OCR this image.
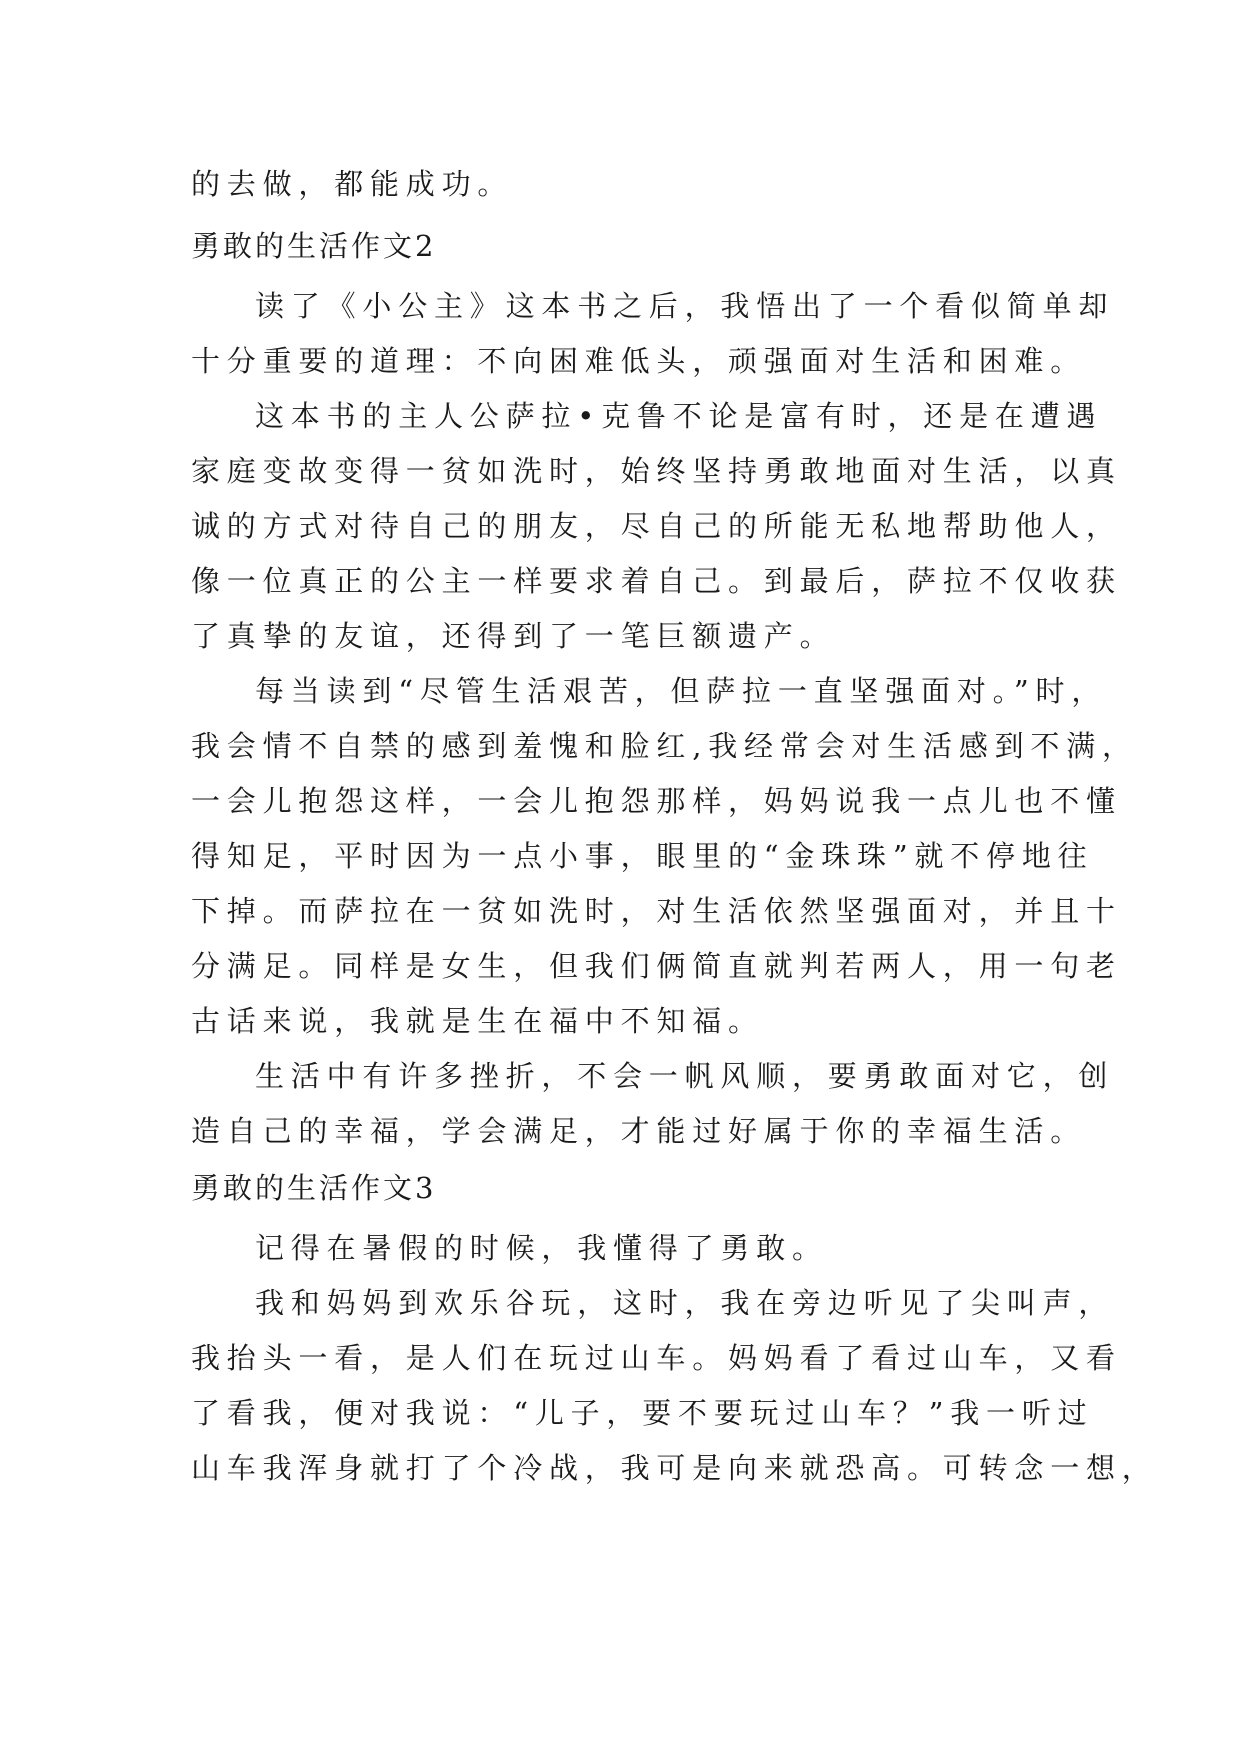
的去做，都能成功。

勇敢的生活作文2

读了《小公主》这本书之后，我悟出了一个看似简单却

十分重要的道理：不向困难低头，顽强面对生活和困难。

这本书的主人公萨拉•克鲁不论是富有时，还是在遭遇

家庭变故变得一贫如洗时，始终坚持勇敢地面对生活，以真

诚的方式对待自己的朋友，尽自己的所能无私地帮助他人，

像一位真正的公主一样要求着自己。到最后，萨拉不仅收获

了真挚的友谊，还得到了一笔巨额遗产。

每当读到“尽管生活艰苦，但萨拉一直坚强面对。”时，

我会情不自禁的感到羞愧和脸红,我经常会对生活感到不满，

一会儿抱怨这样，一会儿抱怨那样，妈妈说我一点儿也不懂

得知足，平时因为一点小事，眼里的“金珠珠”就不停地往

下掉。而萨拉在一贫如洗时，对生活依然坚强面对，并且十

分满足。同样是女生，但我们俩简直就判若两人，用一句老

古话来说，我就是生在福中不知福。

生活中有许多挫折，不会一帆风顺，要勇敢面对它，创

造自己的幸福，学会满足，才能过好属于你的幸福生活。

勇敢的生活作文3

记得在暑假的时候，我懂得了勇敢。

我和妈妈到欢乐谷玩，这时，我在旁边听见了尖叫声，

我抬头一看，是人们在玩过山车。妈妈看了看过山车，又看

了看我，便对我说：“儿子，要不要玩过山车？”我一听过

山车我浑身就打了个冷战，我可是向来就恐高。可转念一想，
